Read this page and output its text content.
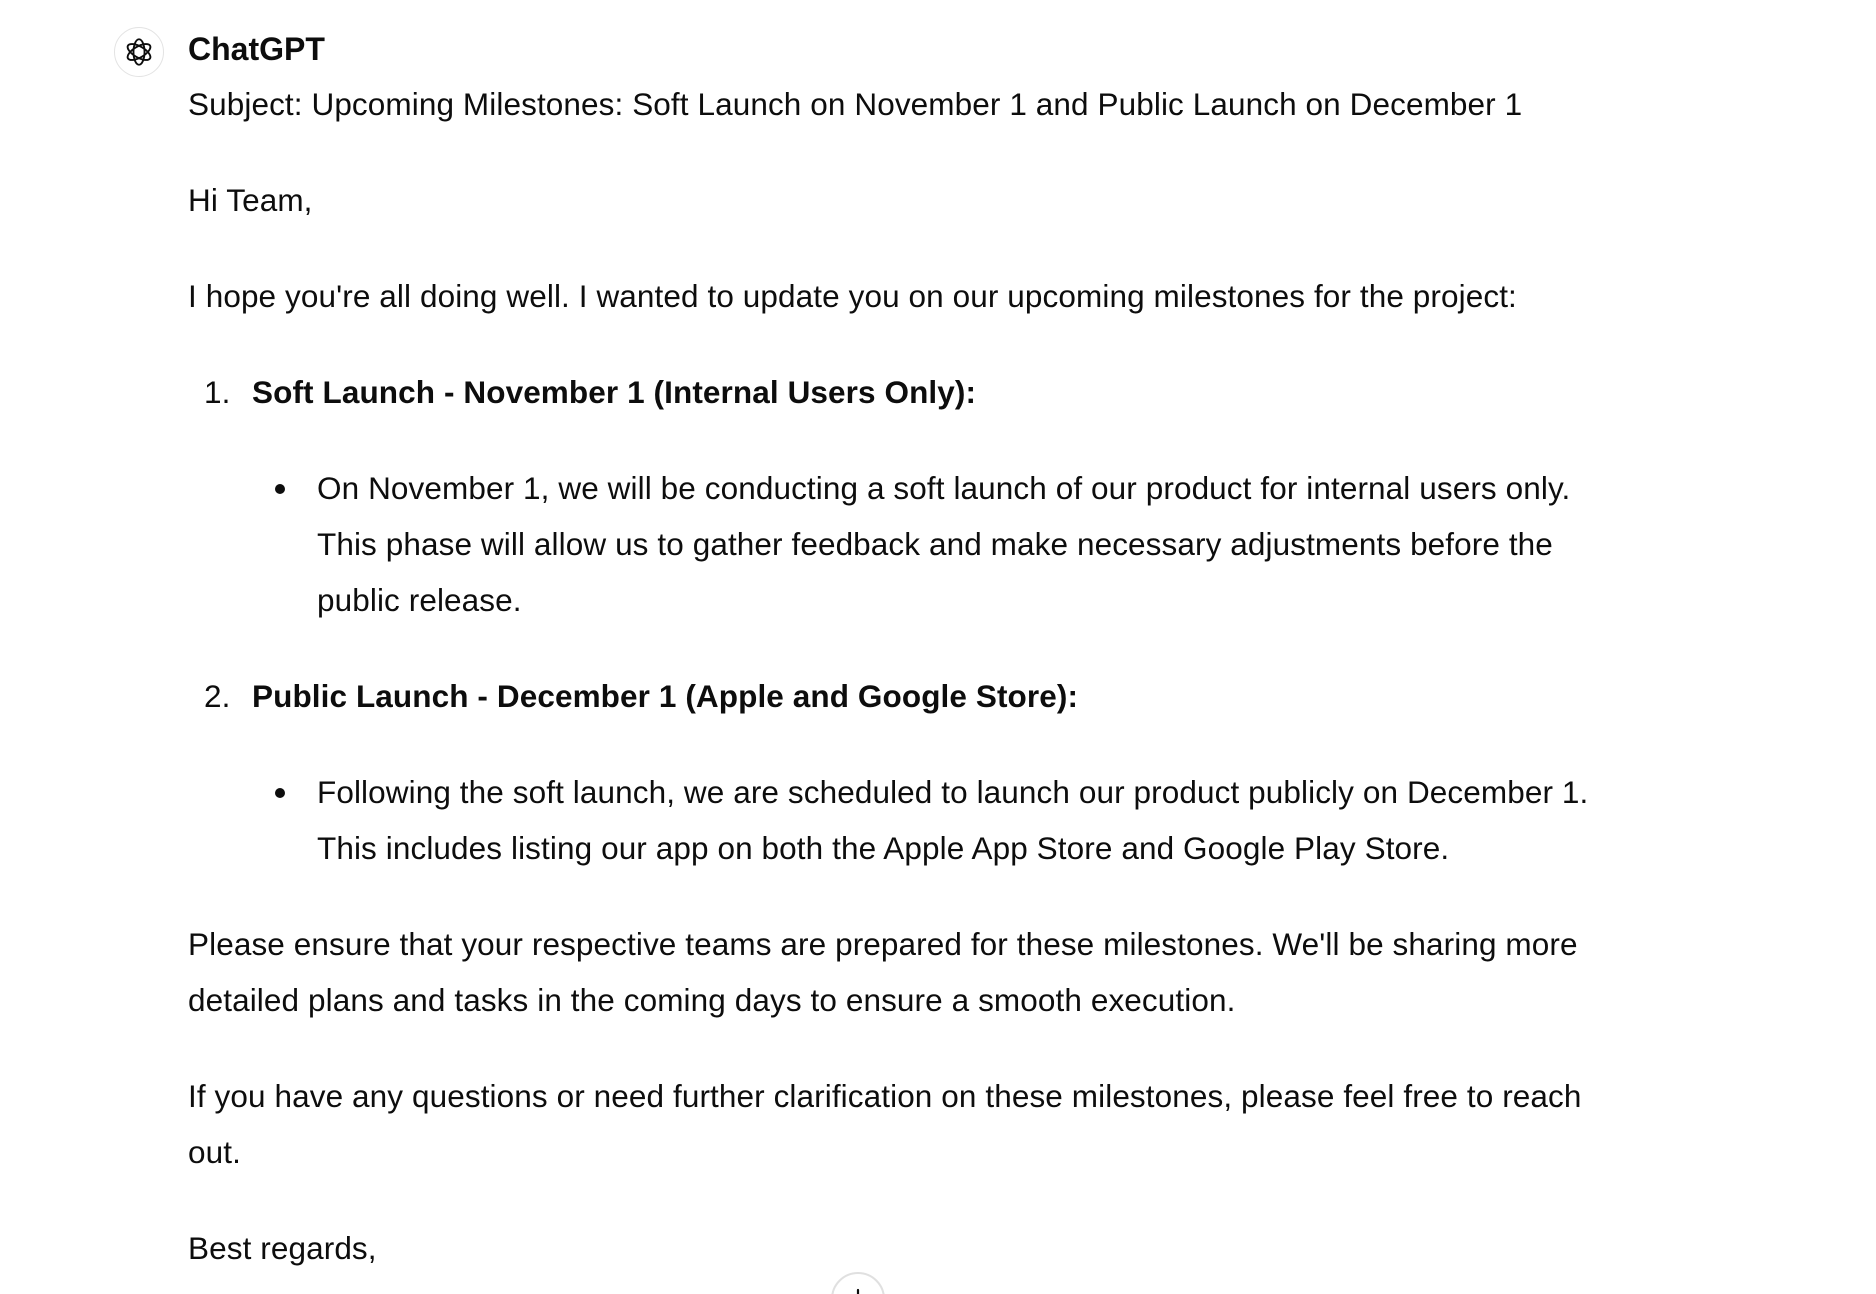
ChatGPT

Subject: Upcoming Milestones: Soft Launch on November 1 and Public Launch on December 1

Hi Team,

I hope you're all doing well. I wanted to update you on our upcoming milestones for the project:

1. Soft Launch - November 1 (Internal Users Only):
On November 1, we will be conducting a soft launch of our product for internal users only.
This phase will allow us to gather feedback and make necessary adjustments before the
public release.
2. Public Launch - December 1 (Apple and Google Store):
Following the soft launch, we are scheduled to launch our product publicly on December 1.
This includes listing our app on both the Apple App Store and Google Play Store.

Please ensure that your respective teams are prepared for these milestones. We'll be sharing more

detailed plans and tasks in the coming days to ensure a smooth execution.

If you have any questions or need further clarification on these milestones, please feel free to reach

out.

Best regards,
